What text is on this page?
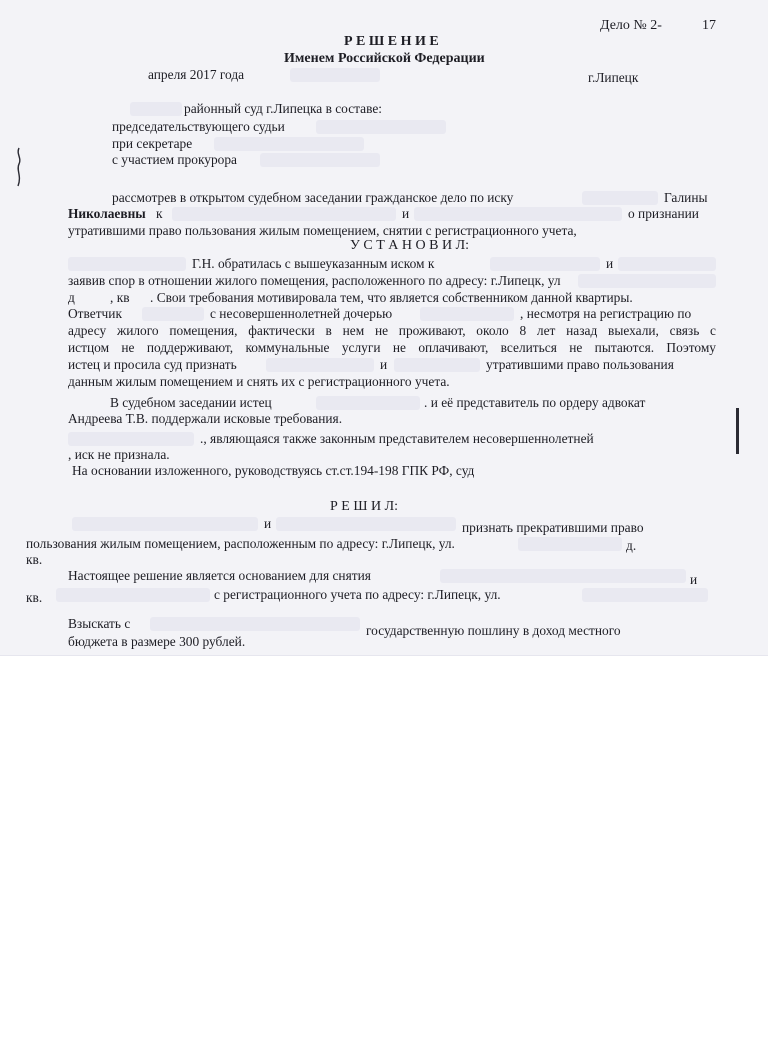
Дело № 2-	17
Р Е Ш Е Н И Е
Именем Российской Федерации
апреля 2017 года	г.Липецк
районный суд г.Липецка в составе:
председательствующего судьи
при секретаре
с участием прокурора
рассмотрев в открытом судебном заседании гражданское дело по иску	Галины
Николаевны к	и	о признании
утратившими право пользования жилым помещением, снятии с регистрационного учета,
У С Т А Н О В И Л:
Г.Н. обратилась с вышеуказанным иском к	и
заявив спор в отношении жилого помещения, расположенного по адресу: г.Липецк, ул
д	, кв . Свои требования мотивировала тем, что является собственником данной квартиры.
Ответчик	с несовершеннолетней дочерью	, несмотря на регистрацию по
адресу жилого помещения, фактически в нем не проживают, около 8 лет назад выехали, связь с
истцом не поддерживают, коммунальные услуги не оплачивают, вселиться не пытаются. Поэтому
истец и просила суд признать	и	утратившими право пользования
данным жилым помещением и снять их с регистрационного учета.
В судебном заседании истец	. и её представитель по ордеру адвокат
Андреева Т.В. поддержали исковые требования.
., являющаяся также законным представителем несовершеннолетней
, иск не признала.
На основании изложенного, руководствуясь ст.ст.194-198 ГПК РФ, суд
Р Е Ш И Л:
и	признать прекратившими право
пользования жилым помещением, расположенным по адресу: г.Липецк, ул.	д.
кв.
Настоящее решение является основанием для снятия	и
кв.	с регистрационного учета по адресу: г.Липецк, ул.
Взыскать с	государственную пошлину в доход местного
бюджета в размере 300 рублей.
